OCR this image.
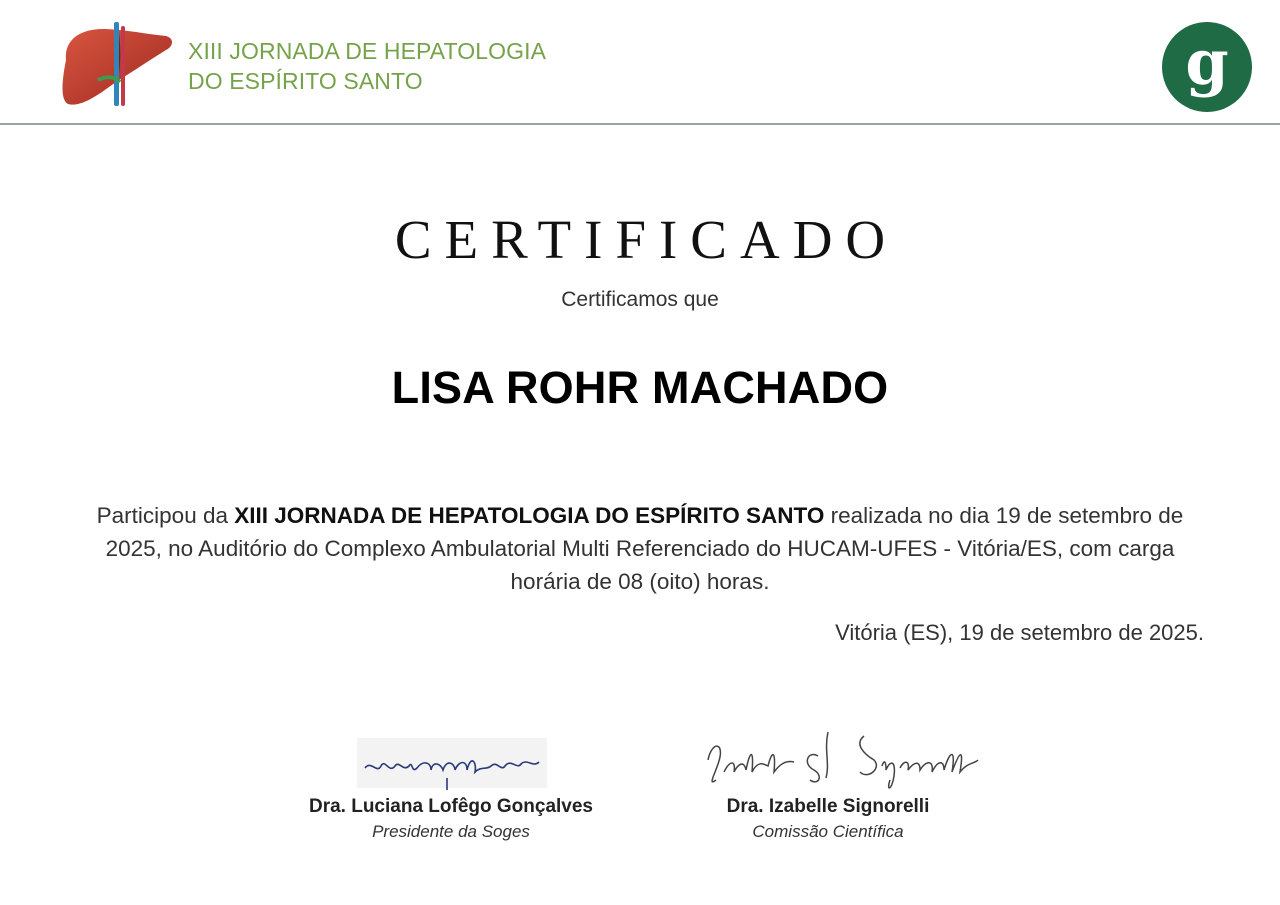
XIII JORNADA DE HEPATOLOGIA
DO ESPÍRITO SANTO	g
CERTIFICADO
Certificamos que
LISA ROHR MACHADO
Participou da XIII JORNADA DE HEPATOLOGIA DO ESPÍRITO SANTO realizada no dia 19 de setembro de 2025, no Auditório do Complexo Ambulatorial Multi Referenciado do HUCAM-UFES - Vitória/ES, com carga horária de 08 (oito) horas.
Vitória (ES), 19 de setembro de 2025.
Dra. Luciana Lofêgo Gonçalves
Presidente da Soges
Dra. Izabelle Signorelli
Comissão Científica
